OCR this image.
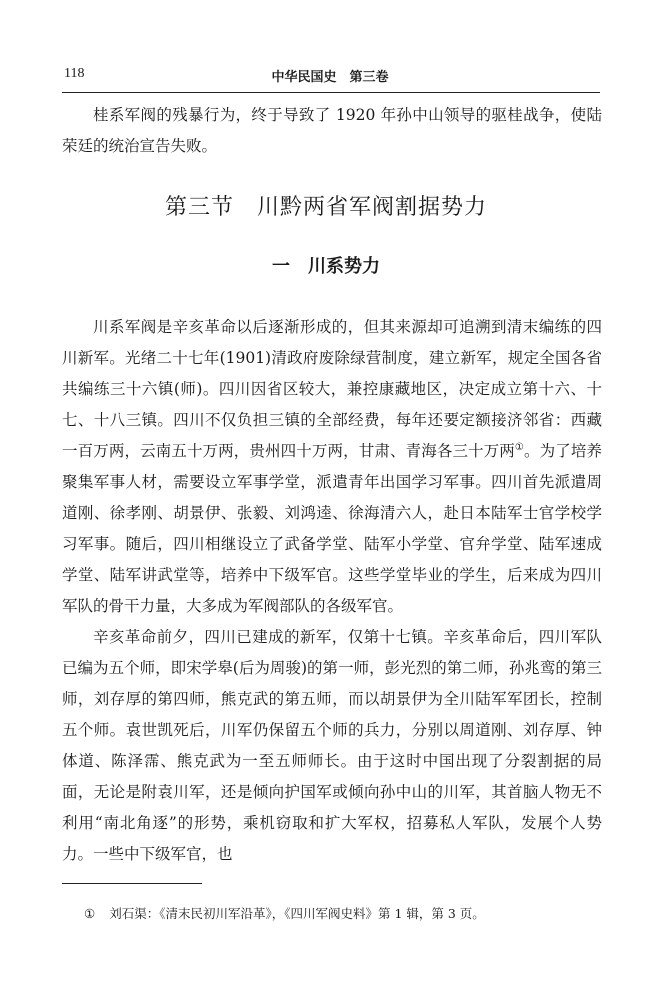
118	中华民国史　第三卷

桂系军阀的残暴行为，终于导致了 1920 年孙中山领导的驱桂战争，使陆荣廷的统治宣告失败。

第三节　川黔两省军阀割据势力
一　川系势力

川系军阀是辛亥革命以后逐渐形成的，但其来源却可追溯到清末编练的四川新军。光绪二十七年(1901)清政府废除绿营制度，建立新军，规定全国各省共编练三十六镇(师)。四川因省区较大，兼控康藏地区，决定成立第十六、十七、十八三镇。四川不仅负担三镇的全部经费，每年还要定额接济邻省：西藏一百万两，云南五十万两，贵州四十万两，甘肃、青海各三十万两①。为了培养聚集军事人材，需要设立军事学堂，派遣青年出国学习军事。四川首先派遣周道刚、徐孝刚、胡景伊、张毅、刘鸿逵、徐海清六人，赴日本陆军士官学校学习军事。随后，四川相继设立了武备学堂、陆军小学堂、官弁学堂、陆军速成学堂、陆军讲武堂等，培养中下级军官。这些学堂毕业的学生，后来成为四川军队的骨干力量，大多成为军阀部队的各级军官。

辛亥革命前夕，四川已建成的新军，仅第十七镇。辛亥革命后，四川军队已编为五个师，即宋学皋(后为周骏)的第一师，彭光烈的第二师，孙兆鸾的第三师，刘存厚的第四师，熊克武的第五师，而以胡景伊为全川陆军军团长，控制五个师。袁世凯死后，川军仍保留五个师的兵力，分别以周道刚、刘存厚、钟体道、陈泽霈、熊克武为一至五师师长。由于这时中国出现了分裂割据的局面，无论是附袁川军，还是倾向护国军或倾向孙中山的川军，其首脑人物无不利用“南北角逐”的形势，乘机窃取和扩大军权，招募私人军队，发展个人势力。一些中下级军官，也

① 刘石渠：《清末民初川军沿革》，《四川军阀史料》第 1 辑，第 3 页。
